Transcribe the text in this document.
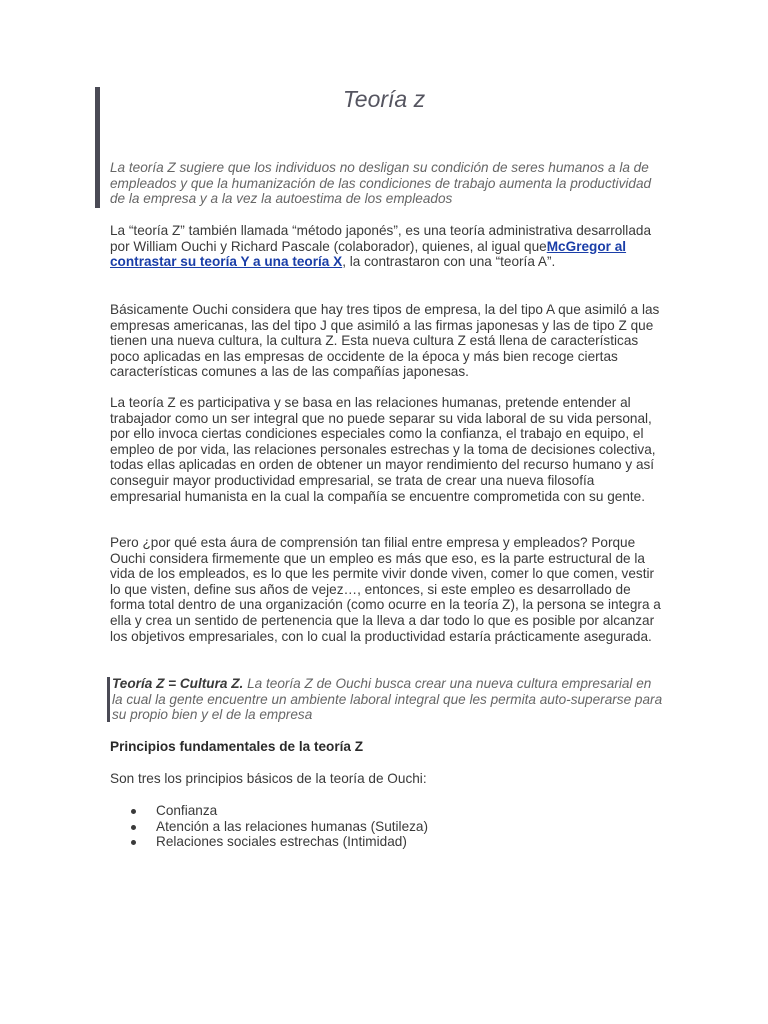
Teoría z

La teoría Z sugiere que los individuos no desligan su condición de seres humanos a la de empleados y que la humanización de las condiciones de trabajo aumenta la productividad de la empresa y a la vez la autoestima de los empleados

La “teoría Z” también llamada “método japonés”, es una teoría administrativa desarrollada por William Ouchi y Richard Pascale (colaborador), quienes, al igual queMcGregor al contrastar su teoría Y a una teoría X, la contrastaron con una “teoría A”.

Básicamente Ouchi considera que hay tres tipos de empresa, la del tipo A que asimiló a las empresas americanas, las del tipo J que asimiló a las firmas japonesas y las de tipo Z que tienen una nueva cultura, la cultura Z. Esta nueva cultura Z está llena de características poco aplicadas en las empresas de occidente de la época y más bien recoge ciertas características comunes a las de las compañías japonesas.

La teoría Z es participativa y se basa en las relaciones humanas, pretende entender al trabajador como un ser integral que no puede separar su vida laboral de su vida personal, por ello invoca ciertas condiciones especiales como la confianza, el trabajo en equipo, el empleo de por vida, las relaciones personales estrechas y la toma de decisiones colectiva, todas ellas aplicadas en orden de obtener un mayor rendimiento del recurso humano y así conseguir mayor productividad empresarial, se trata de crear una nueva filosofía empresarial humanista en la cual la compañía se encuentre comprometida con su gente.

Pero ¿por qué esta áura de comprensión tan filial entre empresa y empleados? Porque Ouchi considera firmemente que un empleo es más que eso, es la parte estructural de la vida de los empleados, es lo que les permite vivir donde viven, comer lo que comen, vestir lo que visten, define sus años de vejez…, entonces, si este empleo es desarrollado de forma total dentro de una organización (como ocurre en la teoría Z), la persona se integra a ella y crea un sentido de pertenencia que la lleva a dar todo lo que es posible por alcanzar los objetivos empresariales, con lo cual la productividad estaría prácticamente asegurada.

Teoría Z = Cultura Z. La teoría Z de Ouchi busca crear una nueva cultura empresarial en la cual la gente encuentre un ambiente laboral integral que les permita auto-superarse para su propio bien y el de la empresa

Principios fundamentales de la teoría Z

Son tres los principios básicos de la teoría de Ouchi:

Confianza
Atención a las relaciones humanas (Sutileza)
Relaciones sociales estrechas (Intimidad)
